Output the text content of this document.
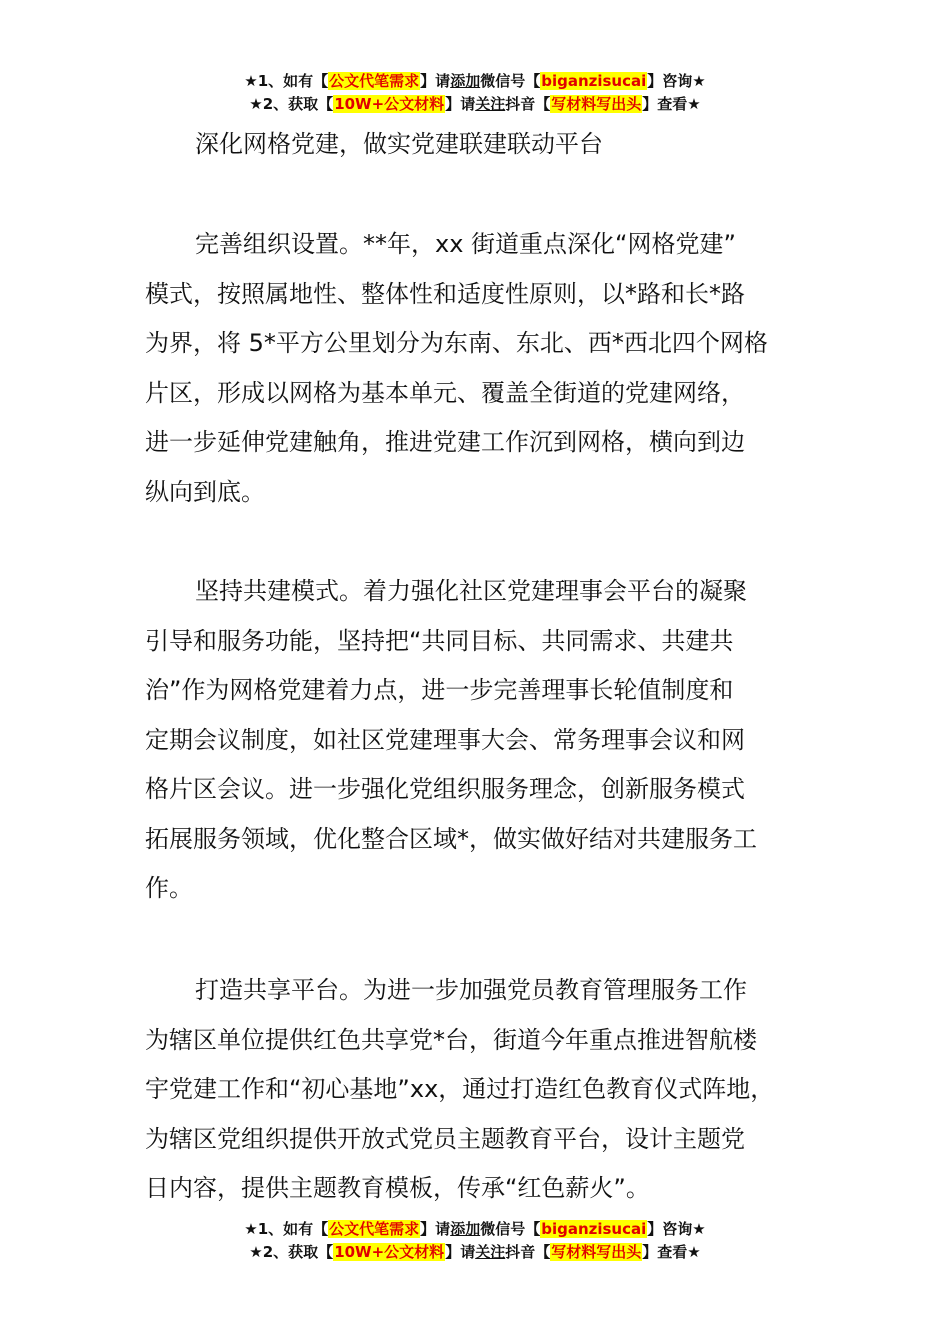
★1、如有【公文代笔需求】请添加微信号【biganzisucai】咨询★
★2、获取【10W+公文材料】请关注抖音【写材料写出头】查看★
深化网格党建，做实党建联建联动平台
完善组织设置。**年，xx 街道重点深化“网格党建”
模式，按照属地性、整体性和适度性原则，以*路和长*路
为界，将 5*平方公里划分为东南、东北、西*西北四个网格
片区，形成以网格为基本单元、覆盖全街道的党建网络，
进一步延伸党建触角，推进党建工作沉到网格，横向到边
纵向到底。
坚持共建模式。着力强化社区党建理事会平台的凝聚
引导和服务功能，坚持把“共同目标、共同需求、共建共
治”作为网格党建着力点，进一步完善理事长轮值制度和
定期会议制度，如社区党建理事大会、常务理事会议和网
格片区会议。进一步强化党组织服务理念，创新服务模式
拓展服务领域，优化整合区域*，做实做好结对共建服务工
作。
打造共享平台。为进一步加强党员教育管理服务工作
为辖区单位提供红色共享党*台，街道今年重点推进智航楼
宇党建工作和“初心基地”xx，通过打造红色教育仪式阵地，
为辖区党组织提供开放式党员主题教育平台，设计主题党
日内容，提供主题教育模板，传承“红色薪火”。
★1、如有【公文代笔需求】请添加微信号【biganzisucai】咨询★
★2、获取【10W+公文材料】请关注抖音【写材料写出头】查看★
